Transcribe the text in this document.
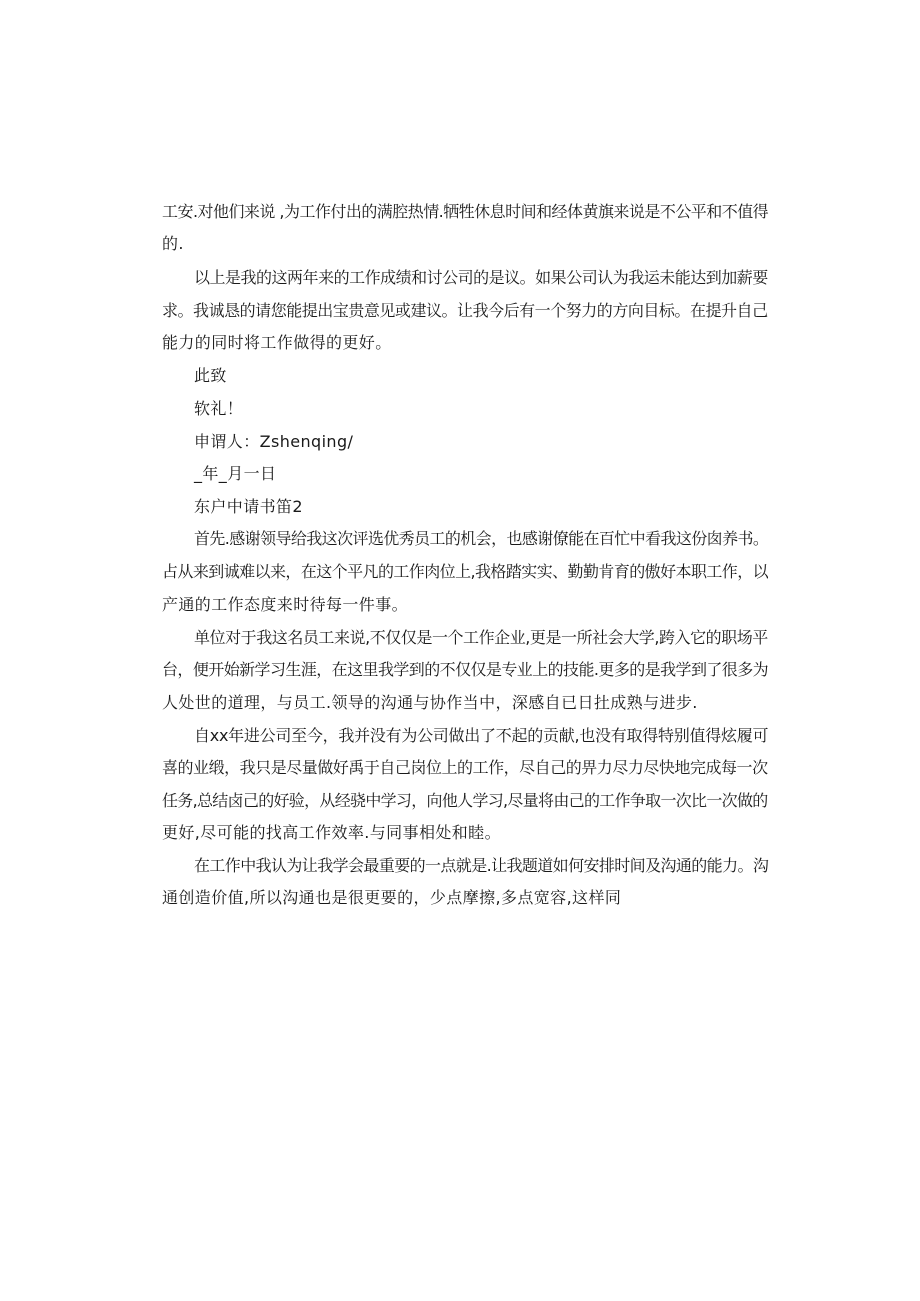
工安.对他们来说 ,为工作付出的满腔热情.牺牲休息时间和经体黄旗来说是不公平和不值得
的.
以上是我的这两年来的工作成绩和讨公司的是议。如果公司认为我运未能达到加薪要
求。我诚恳的请您能提出宝贵意见或建议。让我今后有一个努力的方向目标。在提升自己
能力的同时将工作做得的更好。
此致
软礼！
申谓人：Zshenqing/
_年_月一日
东户中请书笛2
首先.感谢领导给我这次评选优秀员工的机会，也感谢僚能在百忙中看我这份囱养书。
占从来到诚难以来，在这个平凡的工作肉位上,我格踏实实、勤勤肯育的傲好本职工作，以
产通的工作态度来时待每一件事。
单位对于我这名员工来说,不仅仅是一个工作企业,更是一所社会大学,跨入它的职场平
台，便开始新学习生涯，在这里我学到的不仅仅是专业上的技能.更多的是我学到了很多为
人处世的道理，与员工.领导的沟通与协作当中，深感自已日扗成熟与进步.
自xx年进公司至今，我并没有为公司做出了不起的贡献,也没有取得特别值得炫履可
喜的业缎，我只是尽量做好禹于自己岗位上的工作，尽自己的畀力尽力尽快地完成每一次
任务,总结卤己的好验，从经骁中学习，向他人学习,尽量将由己的工作争取一次比一次做的
更好,尽可能的找高工作效率.与同事相处和睦。
在工作中我认为让我学会最重要的一点就是.让我题道如何安排时间及沟通的能力。沟
通创造价值,所以沟通也是很更要的，少点摩擦,多点宽容,这样同
